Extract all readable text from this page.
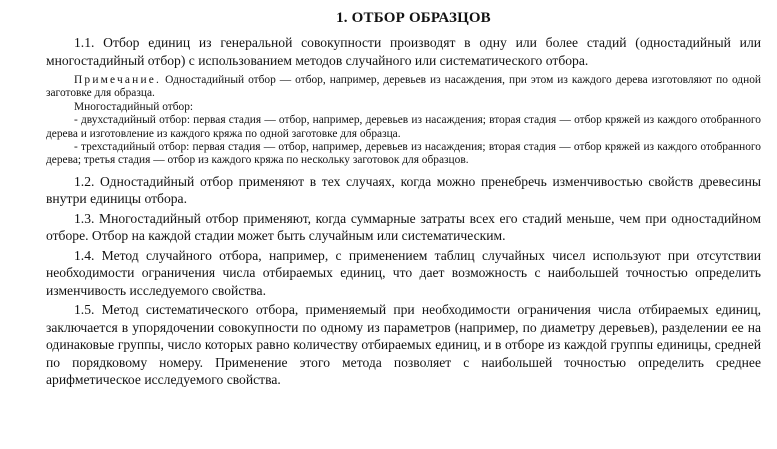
1. ОТБОР ОБРАЗЦОВ

1.1. Отбор единиц из генеральной совокупности производят в одну или более стадий (одностадийный или многостадийный отбор) с использованием методов случайного или систематического отбора.

Примечание. Одностадийный отбор — отбор, например, деревьев из насаждения, при этом из каждого дерева изготовляют по одной заготовке для образца.

Многостадийный отбор:

- двухстадийный отбор: первая стадия — отбор, например, деревьев из насаждения; вторая стадия — отбор кряжей из каждого отобранного дерева и изготовление из каждого кряжа по одной заготовке для образца.

- трехстадийный отбор: первая стадия — отбор, например, деревьев из насаждения; вторая стадия — отбор кряжей из каждого отобранного дерева; третья стадия — отбор из каждого кряжа по нескольку заготовок для образцов.

1.2. Одностадийный отбор применяют в тех случаях, когда можно пренебречь изменчивостью свойств древесины внутри единицы отбора.

1.3. Многостадийный отбор применяют, когда суммарные затраты всех его стадий меньше, чем при одностадийном отборе. Отбор на каждой стадии может быть случайным или систематическим.

1.4. Метод случайного отбора, например, с применением таблиц случайных чисел используют при отсутствии необходимости ограничения числа отбираемых единиц, что дает возможность с наибольшей точностью определить изменчивость исследуемого свойства.

1.5. Метод систематического отбора, применяемый при необходимости ограничения числа отбираемых единиц, заключается в упорядочении совокупности по одному из параметров (например, по диаметру деревьев), разделении ее на одинаковые группы, число которых равно количеству отбираемых единиц, и в отборе из каждой группы единицы, средней по порядковому номеру. Применение этого метода позволяет с наибольшей точностью определить среднее арифметическое исследуемого свойства.
